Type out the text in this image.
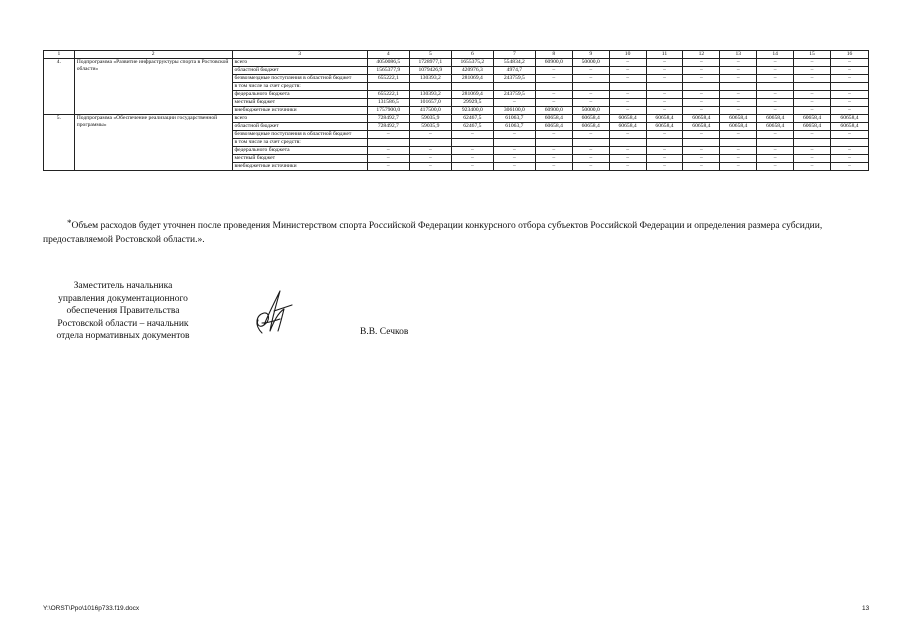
1	2	3	4	5	6	7	8	9	10	11	12	13	14	15	16
4.	Подпрограмма «Развитие инфраструктуры спорта в Ростовской области»	всего	4050086,5	1728977,1	1655375,2	554834,2	60900,0	50000,0	–	–	–	–	–	–	–
		областной бюджет	1565377,9	1079426,9	420976,3	4974,7	–	–	–	–	–	–	–	–	–
		безвозмездные поступления в областной бюджет	655222,1	130393,2	281069,4	243759,5	–	–	–	–	–	–	–	–	–
		в том числе за счет средств:													
		федерального бюджета	655222,1	130393,2	281069,4	243759,5	–	–	–	–	–	–	–	–	–
		местный бюджет	131586,5	101657,0	29929,5	–	–	–	–	–	–	–	–	–	–
		внебюджетные источники	1757900,0	417500,0	923400,0	306100,0	60900,0	50000,0	–	–	–	–	–	–	–
5.	Подпрограмма «Обеспечение реализации государственной программы»	всего	728492,7	59035,9	62467,5	61063,7	60658,4	60658,4	60658,4	60658,4	60658,4	60658,4	60658,4	60658,4	60658,4
		областной бюджет	728492,7	59035,9	62467,5	61063,7	60658,4	60658,4	60658,4	60658,4	60658,4	60658,4	60658,4	60658,4	60658,4
		безвозмездные поступления в областной бюджет	–	–	–	–	–	–	–	–	–	–	–	–	–
		в том числе за счет средств:													
		федерального бюджета	–	–	–	–	–	–	–	–	–	–	–	–	–
		местный бюджет	–	–	–	–	–	–	–	–	–	–	–	–	–
		внебюджетные источники	–	–	–	–	–	–	–	–	–	–	–	–	–
*Объем расходов будет уточнен после проведения Министерством спорта Российской Федерации конкурсного отбора субъектов Российской Федерации и определения размера субсидии, предоставляемой Ростовской области.».
Заместитель начальника
управления документационного
обеспечения Правительства
Ростовской области – начальник
отдела нормативных документов	В.В. Сечков
Y:\ORST\Ppo\1016p733.f19.docx	13
